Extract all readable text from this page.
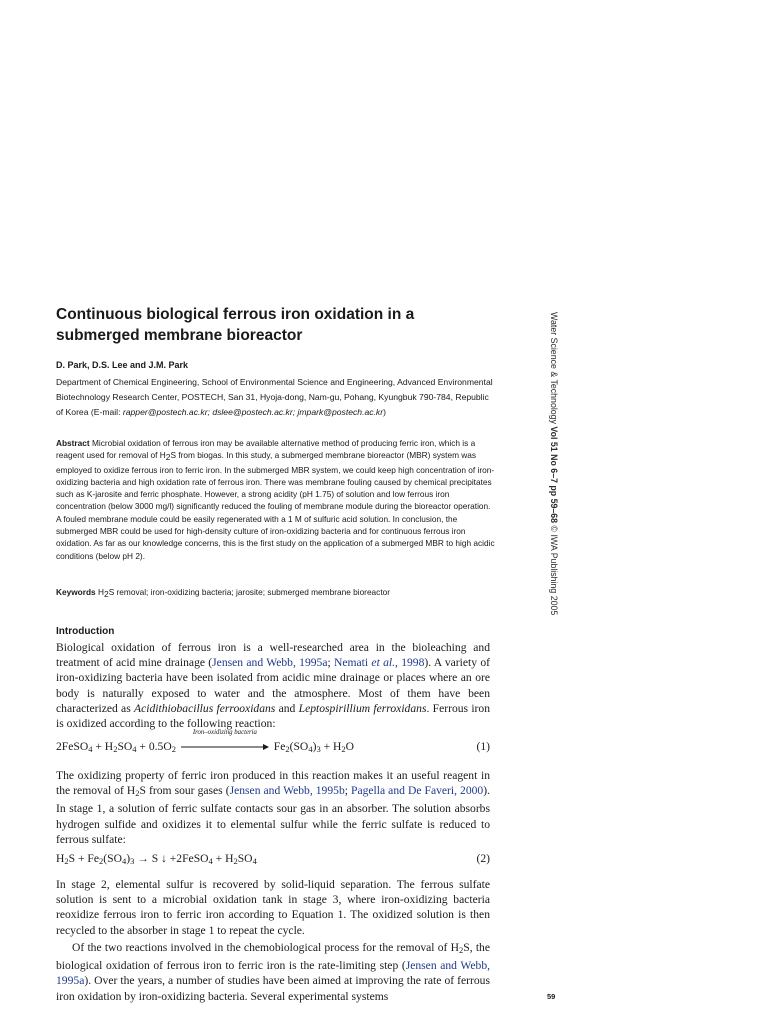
Continuous biological ferrous iron oxidation in a submerged membrane bioreactor

D. Park, D.S. Lee and J.M. Park

Department of Chemical Engineering, School of Environmental Science and Engineering, Advanced Environmental Biotechnology Research Center, POSTECH, San 31, Hyoja-dong, Nam-gu, Pohang, Kyungbuk 790-784, Republic of Korea (E-mail: rapper@postech.ac.kr; dslee@postech.ac.kr; jmpark@postech.ac.kr)

Abstract Microbial oxidation of ferrous iron may be available alternative method of producing ferric iron, which is a reagent used for removal of H2S from biogas. In this study, a submerged membrane bioreactor (MBR) system was employed to oxidize ferrous iron to ferric iron. In the submerged MBR system, we could keep high concentration of iron-oxidizing bacteria and high oxidation rate of ferrous iron. There was membrane fouling caused by chemical precipitates such as K-jarosite and ferric phosphate. However, a strong acidity (pH 1.75) of solution and low ferrous iron concentration (below 3000 mg/l) significantly reduced the fouling of membrane module during the bioreactor operation. A fouled membrane module could be easily regenerated with a 1 M of sulfuric acid solution. In conclusion, the submerged MBR could be used for high-density culture of iron-oxidizing bacteria and for continuous ferrous iron oxidation. As far as our knowledge concerns, this is the first study on the application of a submerged MBR to high acidic conditions (below pH 2).

Keywords H2S removal; iron-oxidizing bacteria; jarosite; submerged membrane bioreactor

Introduction

Biological oxidation of ferrous iron is a well-researched area in the bioleaching and treatment of acid mine drainage (Jensen and Webb, 1995a; Nemati et al., 1998). A variety of iron-oxidizing bacteria have been isolated from acidic mine drainage or places where an ore body is naturally exposed to water and the atmosphere. Most of them have been characterized as Acidithiobacillus ferrooxidans and Leptospirillium ferroxidans. Ferrous iron is oxidized according to the following reaction:

2FeSO$_4$ + $H_2SO_4 + 0.5O_2$
Iron–oxidizing bacteria
$Fe_2(SO_4)_3 + H_2O$	(1)

The oxidizing property of ferric iron produced in this reaction makes it an useful reagent in the removal of $H_2S$ from sour gases (Jensen and Webb, 1995b; Pagella and De Faveri, 2000). In stage 1, a solution of ferric sulfate contacts sour gas in an absorber. The solution absorbs hydrogen sulfide and oxidizes it to elemental sulfur while the ferric sulfate is reduced to ferrous sulfate:

$H_2S + Fe_2(SO_4)_3 \to S$ ↓ +2FeSO$_4$ + $H_2SO_4$	(2)

In stage 2, elemental sulfur is recovered by solid-liquid separation. The ferrous sulfate solution is sent to a microbial oxidation tank in stage 3, where iron-oxidizing bacteria reoxidize ferrous iron to ferric iron according to Equation 1. The oxidized solution is then recycled to the absorber in stage 1 to repeat the cycle.

Of the two reactions involved in the chemobiological process for the removal of $H_2S$, the biological oxidation of ferrous iron to ferric iron is the rate-limiting step (Jensen and Webb, 1995a). Over the years, a number of studies have been aimed at improving the rate of ferrous iron oxidation by iron-oxidizing bacteria. Several experimental systems

Water Science & Technology Vol 51 No 6–7 pp 59–68 © IWA Publishing 2005
59
